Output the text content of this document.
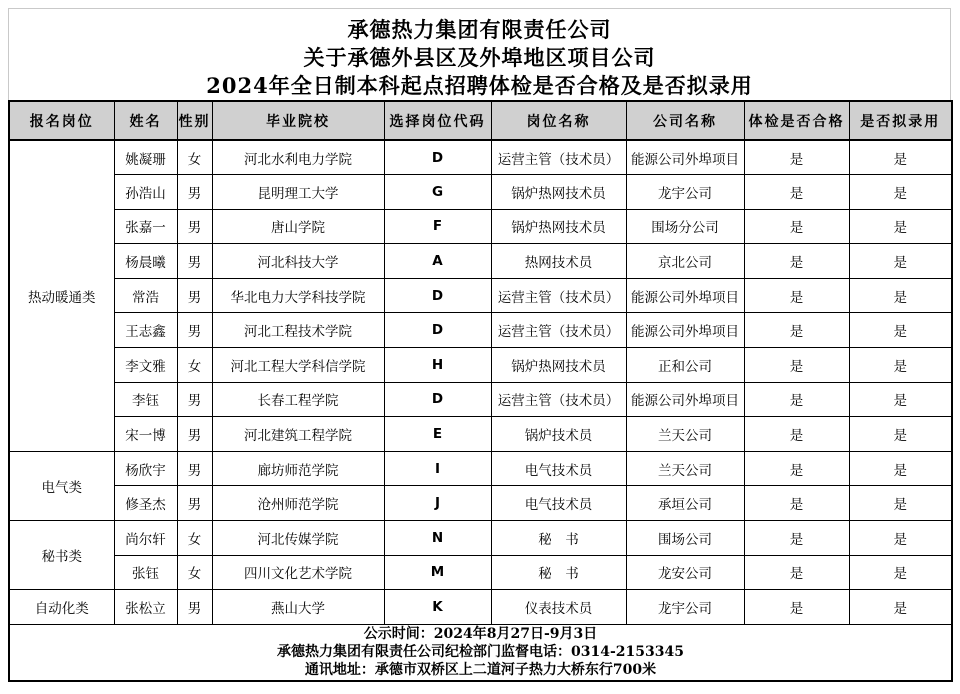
承德热力集团有限责任公司
关于承德外县区及外埠地区项目公司
2024年全日制本科起点招聘体检是否合格及是否拟录用
报名岗位	姓名	性别	毕业院校	选择岗位代码	岗位名称	公司名称	体检是否合格	是否拟录用
热动暖通类	姚凝珊	女	河北水利电力学院	D	运营主管（技术员）	能源公司外埠项目	是	是
	孙浩山	男	昆明理工大学	G	锅炉热网技术员	龙宇公司	是	是
	张嘉一	男	唐山学院	F	锅炉热网技术员	围场分公司	是	是
	杨晨曦	男	河北科技大学	A	热网技术员	京北公司	是	是
	常浩	男	华北电力大学科技学院	D	运营主管（技术员）	能源公司外埠项目	是	是
	王志鑫	男	河北工程技术学院	D	运营主管（技术员）	能源公司外埠项目	是	是
	李文雅	女	河北工程大学科信学院	H	锅炉热网技术员	正和公司	是	是
	李钰	男	长春工程学院	D	运营主管（技术员）	能源公司外埠项目	是	是
	宋一博	男	河北建筑工程学院	E	锅炉技术员	兰天公司	是	是
电气类	杨欣宇	男	廊坊师范学院	I	电气技术员	兰天公司	是	是
	修圣杰	男	沧州师范学院	J	电气技术员	承垣公司	是	是
秘书类	尚尔轩	女	河北传媒学院	N	秘　书	围场公司	是	是
	张钰	女	四川文化艺术学院	M	秘　书	龙安公司	是	是
自动化类	张松立	男	燕山大学	K	仪表技术员	龙宇公司	是	是

公示时间：2024年8月27日-9月3日
承德热力集团有限责任公司纪检部门监督电话：0314-2153345
通讯地址：承德市双桥区上二道河子热力大桥东行700米								
